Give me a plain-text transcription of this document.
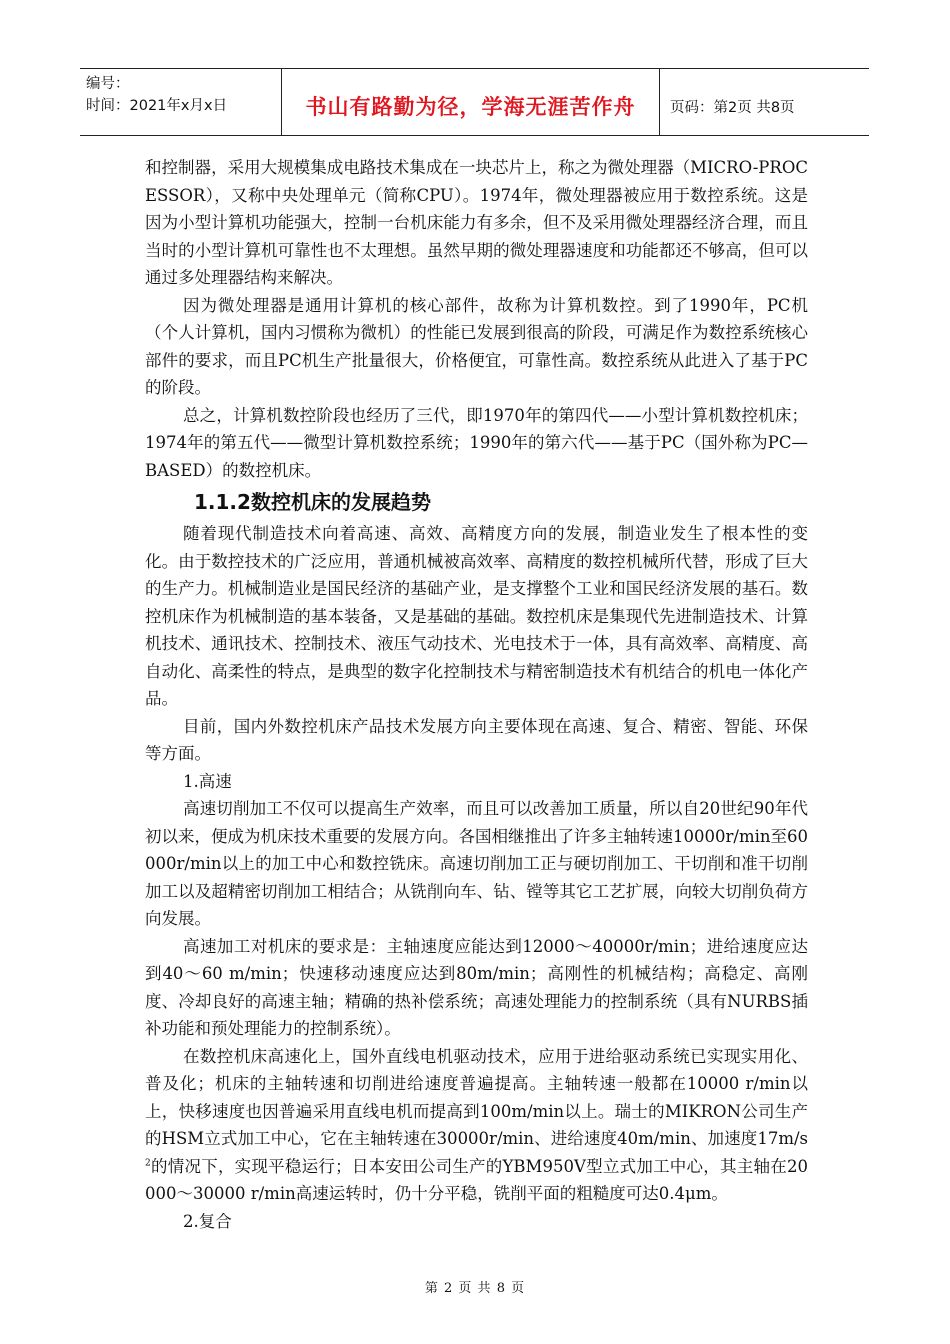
编号：
时间：2021年x月x日	书山有路勤为径，学海无涯苦作舟 页码：第2页 共8页

和控制器，采用大规模集成电路技术集成在一块芯片上，称之为微处理器（MICRO-PROCESSOR），又称中央处理单元（简称CPU）。1974年，微处理器被应用于数控系统。这是因为小型计算机功能强大，控制一台机床能力有多余，但不及采用微处理器经济合理，而且当时的小型计算机可靠性也不太理想。虽然早期的微处理器速度和功能都还不够高，但可以通过多处理器结构来解决。

因为微处理器是通用计算机的核心部件，故称为计算机数控。到了1990年，PC机（个人计算机，国内习惯称为微机）的性能已发展到很高的阶段，可满足作为数控系统核心部件的要求，而且PC机生产批量很大，价格便宜，可靠性高。数控系统从此进入了基于PC的阶段。

总之，计算机数控阶段也经历了三代，即1970年的第四代——小型计算机数控机床；1974年的第五代——微型计算机数控系统；1990年的第六代——基于PC（国外称为PC—BASED）的数控机床。

1.1.2数控机床的发展趋势

随着现代制造技术向着高速、高效、高精度方向的发展，制造业发生了根本性的变化。由于数控技术的广泛应用，普通机械被高效率、高精度的数控机械所代替，形成了巨大的生产力。机械制造业是国民经济的基础产业，是支撑整个工业和国民经济发展的基石。数控机床作为机械制造的基本装备，又是基础的基础。数控机床是集现代先进制造技术、计算机技术、通讯技术、控制技术、液压气动技术、光电技术于一体，具有高效率、高精度、高自动化、高柔性的特点，是典型的数字化控制技术与精密制造技术有机结合的机电一体化产品。

目前，国内外数控机床产品技术发展方向主要体现在高速、复合、精密、智能、环保等方面。

1.高速

高速切削加工不仅可以提高生产效率，而且可以改善加工质量，所以自20世纪90年代初以来，便成为机床技术重要的发展方向。各国相继推出了许多主轴转速10000r/min至60000r/min以上的加工中心和数控铣床。高速切削加工正与硬切削加工、干切削和准干切削加工以及超精密切削加工相结合；从铣削向车、钻、镗等其它工艺扩展，向较大切削负荷方向发展。

高速加工对机床的要求是：主轴速度应能达到12000～40000r/min；进给速度应达到40～60 m/min；快速移动速度应达到80m/min；高刚性的机械结构；高稳定、高刚度、冷却良好的高速主轴；精确的热补偿系统；高速处理能力的控制系统（具有NURBS插补功能和预处理能力的控制系统）。

在数控机床高速化上，国外直线电机驱动技术，应用于进给驱动系统已实现实用化、普及化；机床的主轴转速和切削进给速度普遍提高。主轴转速一般都在10000 r/min以上，快移速度也因普遍采用直线电机而提高到100m/min以上。瑞士的MIKRON公司生产的HSM立式加工中心，它在主轴转速在30000r/min、进给速度40m/min、加速度$17m/s^2$的情况下，实现平稳运行；日本安田公司生产的YBM950V型立式加工中心，其主轴在20000～30000 r/min高速运转时，仍十分平稳，铣削平面的粗糙度可达0.4μm。

2.复合

第 2 页 共 8 页
